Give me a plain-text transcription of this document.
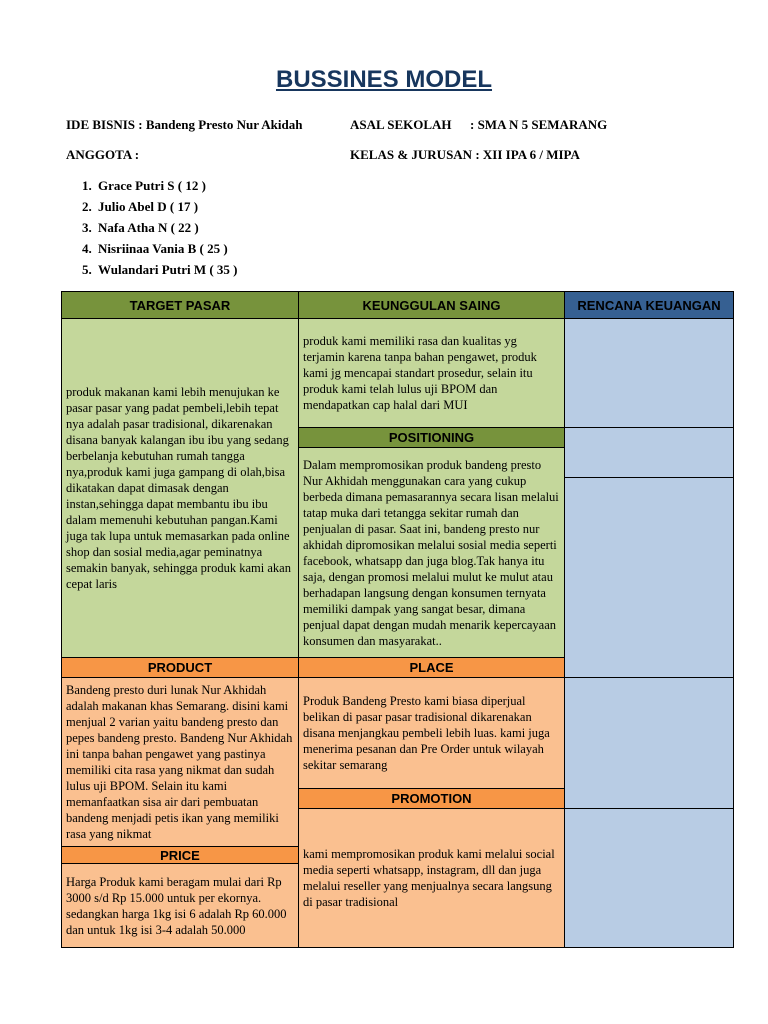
BUSSINES MODEL
IDE BISNIS : Bandeng Presto Nur Akidah	ASAL SEKOLAH : SMA N 5 SEMARANG
ANGGOTA :	KELAS & JURUSAN : XII IPA 6 / MIPA
1. Grace Putri S ( 12 )
2. Julio Abel D ( 17 )
3. Nafa Atha N ( 22 )
4. Nisriinaa Vania B ( 25 )
5. Wulandari Putri M ( 35 )
TARGET PASAR	KEUNGGULAN SAING	RENCANA KEUANGAN
produk makanan kami lebih menujukan ke pasar pasar yang padat pembeli,lebih tepat nya adalah pasar tradisional, dikarenakan disana banyak kalangan ibu ibu yang sedang berbelanja kebutuhan rumah tangga nya,produk kami juga gampang di olah,bisa dikatakan dapat dimasak dengan instan,sehingga dapat membantu ibu ibu dalam memenuhi kebutuhan pangan.Kami juga tak lupa untuk memasarkan pada online shop dan sosial media,agar peminatnya semakin banyak, sehingga produk kami akan cepat laris
produk kami memiliki rasa dan kualitas yg terjamin karena tanpa bahan pengawet, produk kami jg mencapai standart prosedur, selain itu produk kami telah lulus uji BPOM dan mendapatkan cap halal dari MUI
POSITIONING
Dalam mempromosikan produk bandeng presto Nur Akhidah menggunakan cara yang cukup berbeda dimana pemasarannya secara lisan melalui tatap muka dari tetangga sekitar rumah dan penjualan di pasar. Saat ini, bandeng presto nur akhidah dipromosikan melalui sosial media seperti facebook, whatsapp dan juga blog.Tak hanya itu saja, dengan promosi melalui mulut ke mulut atau berhadapan langsung dengan konsumen ternyata memiliki dampak yang sangat besar, dimana penjual dapat dengan mudah menarik kepercayaan konsumen dan masyarakat..
PRODUCT
Bandeng presto duri lunak Nur Akhidah adalah makanan khas Semarang. disini kami menjual 2 varian yaitu bandeng presto dan pepes bandeng presto. Bandeng Nur Akhidah ini tanpa bahan pengawet yang pastinya memiliki cita rasa yang nikmat dan sudah lulus uji BPOM. Selain itu kami memanfaatkan sisa air dari pembuatan bandeng menjadi petis ikan yang memiliki rasa yang nikmat
PLACE
Produk Bandeng Presto kami biasa diperjual belikan di pasar pasar tradisional dikarenakan disana menjangkau pembeli lebih luas. kami juga menerima pesanan dan Pre Order untuk wilayah sekitar semarang
PROMOTION
kami mempromosikan produk kami melalui social media seperti whatsapp, instagram, dll dan juga melalui reseller yang menjualnya secara langsung di pasar tradisional
PRICE
Harga Produk kami beragam mulai dari Rp 3000 s/d Rp 15.000 untuk per ekornya. sedangkan harga 1kg isi 6 adalah Rp 60.000 dan untuk 1kg isi 3-4 adalah 50.000
